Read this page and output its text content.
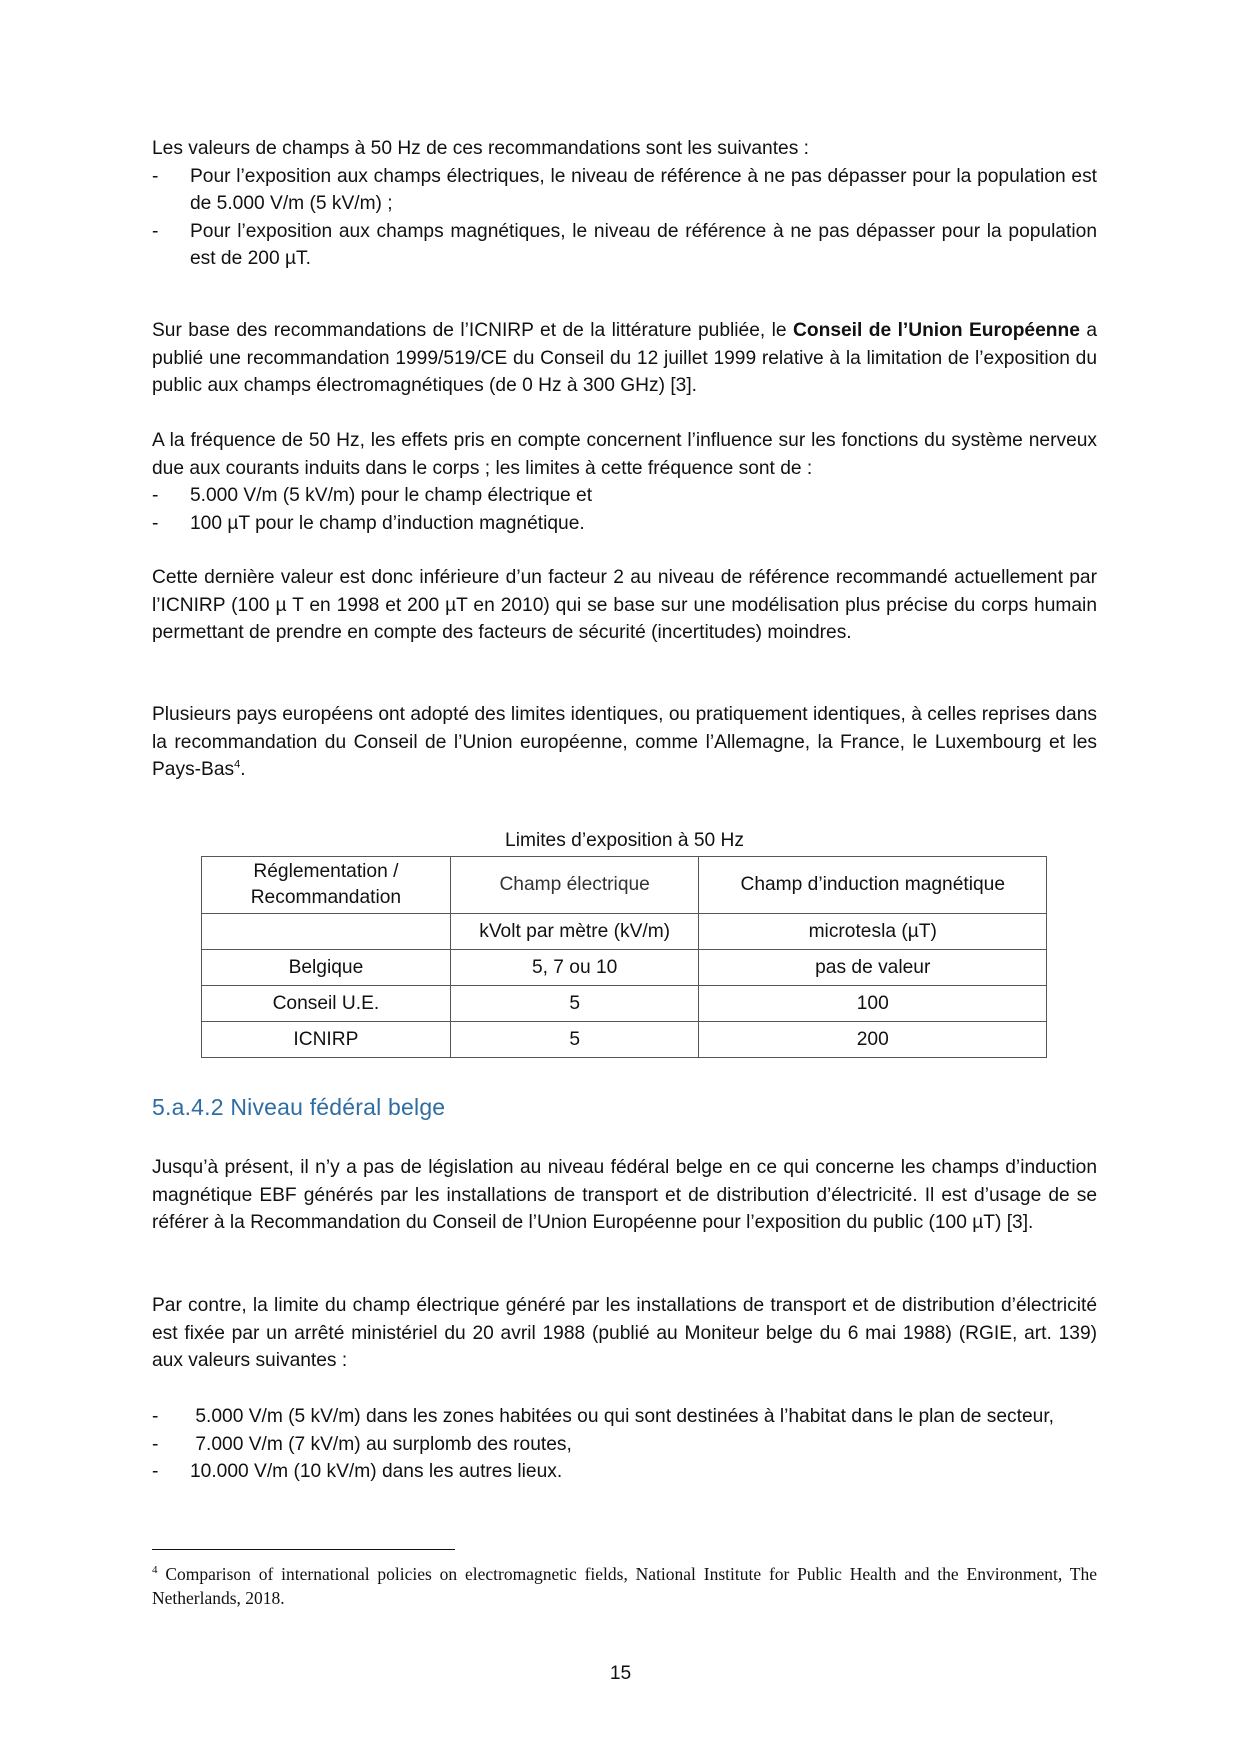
Les valeurs de champs à 50 Hz de ces recommandations sont les suivantes :

- Pour l’exposition aux champs électriques, le niveau de référence à ne pas dépasser pour la population est de 5.000 V/m (5 kV/m) ;
- Pour l’exposition aux champs magnétiques, le niveau de référence à ne pas dépasser pour la population est de 200 µT.

Sur base des recommandations de l’ICNIRP et de la littérature publiée, le Conseil de l’Union Européenne a publié une recommandation 1999/519/CE du Conseil du 12 juillet 1999 relative à la limitation de l’exposition du public aux champs électromagnétiques (de 0 Hz à 300 GHz) [3].

A la fréquence de 50 Hz, les effets pris en compte concernent l’influence sur les fonctions du système nerveux due aux courants induits dans le corps ; les limites à cette fréquence sont de :

- 5.000 V/m (5 kV/m) pour le champ électrique et
- 100 µT pour le champ d’induction magnétique.

Cette dernière valeur est donc inférieure d’un facteur 2 au niveau de référence recommandé actuellement par l’ICNIRP (100 µ T en 1998 et 200 µT en 2010) qui se base sur une modélisation plus précise du corps humain permettant de prendre en compte des facteurs de sécurité (incertitudes) moindres.

Plusieurs pays européens ont adopté des limites identiques, ou pratiquement identiques, à celles reprises dans la recommandation du Conseil de l’Union européenne, comme l’Allemagne, la France, le Luxembourg et les Pays-Bas$^4$.

Limites d’exposition à 50 Hz
Réglementation / Recommandation	Champ électrique	Champ d’induction magnétique
	kVolt par mètre (kV/m)	microtesla (µT)
Belgique	5, 7 ou 10	pas de valeur
Conseil U.E.	5	100
ICNIRP	5	200
5.a.4.2 Niveau fédéral belge

Jusqu’à présent, il n’y a pas de législation au niveau fédéral belge en ce qui concerne les champs d’induction magnétique EBF générés par les installations de transport et de distribution d’électricité. Il est d’usage de se référer à la Recommandation du Conseil de l’Union Européenne pour l’exposition du public (100 µT) [3].

Par contre, la limite du champ électrique généré par les installations de transport et de distribution d’électricité est fixée par un arrêté ministériel du 20 avril 1988 (publié au Moniteur belge du 6 mai 1988) (RGIE, art. 139) aux valeurs suivantes :

- 5.000 V/m (5 kV/m) dans les zones habitées ou qui sont destinées à l’habitat dans le plan de secteur,
- 7.000 V/m (7 kV/m) au surplomb des routes,
- 10.000 V/m (10 kV/m) dans les autres lieux.
$^4$ Comparison of international policies on electromagnetic fields, National Institute for Public Health and the Environment, The Netherlands, 2018.
15
